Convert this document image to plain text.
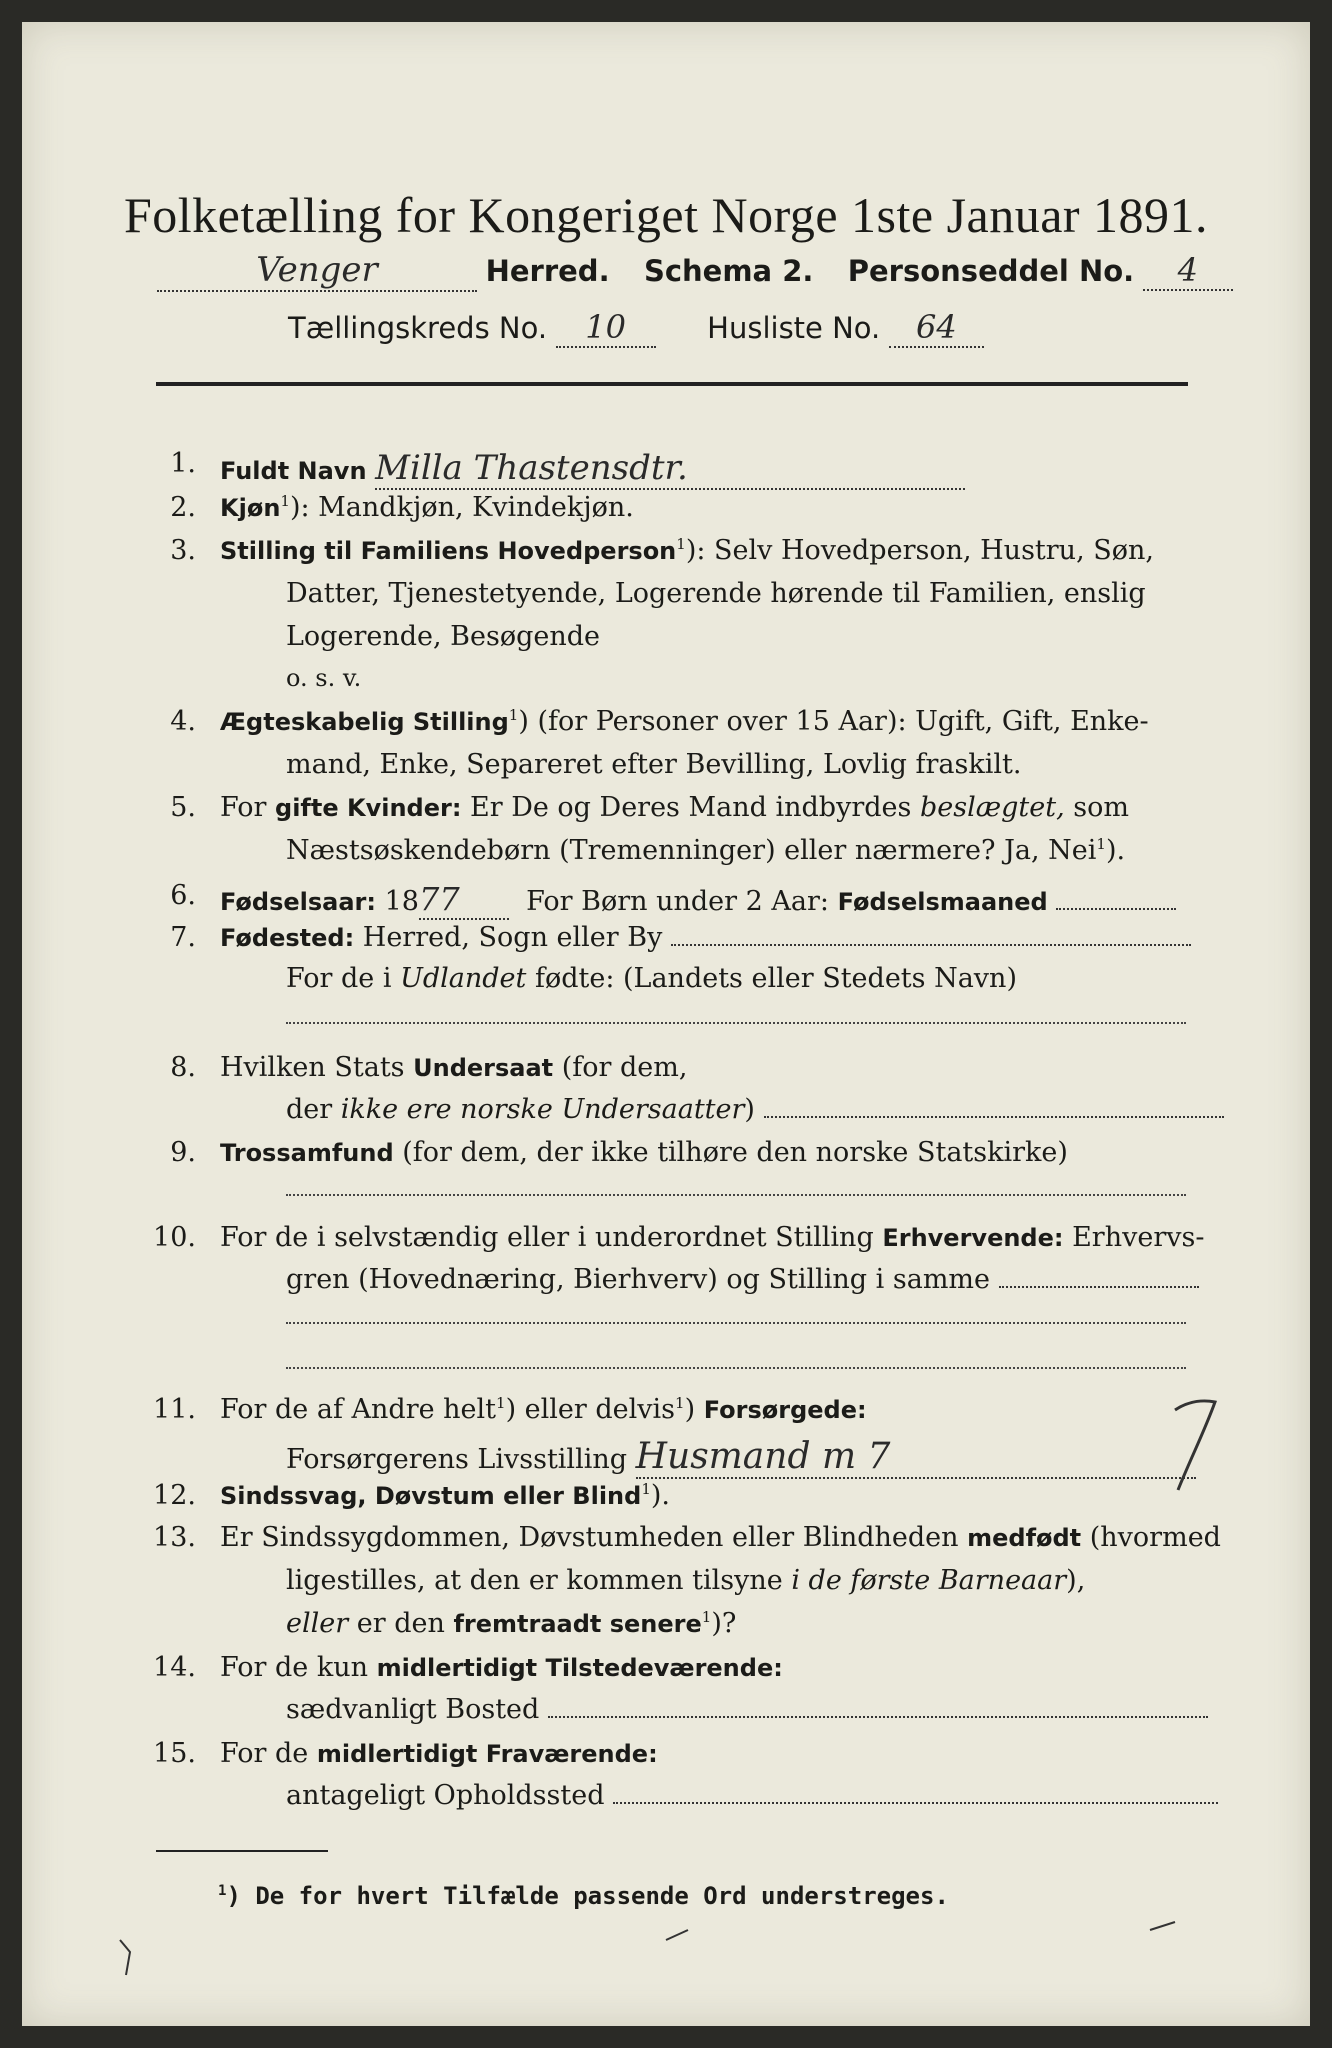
Folketælling for Kongeriget Norge 1ste Januar 1891.
Venger	Herred. Schema 2. Personseddel No. 4
Tællingskreds No. 10	Husliste No. 64
1. Fuldt Navn Milla Thastensdtr.
2. Kjøn$^1$): Mandkjøn, Kvindekjøn.
3. Stilling til Familiens Hovedperson$^1$): Selv Hovedperson, Hustru, Søn,
Datter, Tjenestetyende, Logerende hørende til Familien, enslig
Logerende, Besøgende
o. s. v.
4. Ægteskabelig Stilling$^1$) (for Personer over 15 Aar): Ugift, Gift, Enke-
mand, Enke, Separeret efter Bevilling, Lovlig fraskilt.
5. For gifte Kvinder: Er De og Deres Mand indbyrdes beslægtet, som
Næstsøskendebørn (Tremenninger) eller nærmere? Ja, Nei$^1$).
6. Fødselsaar: 1877 For Børn under 2 Aar: Fødselsmaaned
7. Fødested: Herred, Sogn eller By
For de i Udlandet fødte: (Landets eller Stedets Navn)
8. Hvilken Stats Undersaat (for dem,
der ikke ere norske Undersaatter)
9. Trossamfund (for dem, der ikke tilhøre den norske Statskirke)
10. For de i selvstændig eller i underordnet Stilling Erhvervende: Erhvervs-
gren (Hovednæring, Bierhverv) og Stilling i samme
11. For de af Andre helt$^1$) eller delvis$^1$) Forsørgede:
Forsørgerens Livsstilling Husmand m 7
12. Sindssvag, Døvstum eller Blind$^1$).
13. Er Sindssygdommen, Døvstumheden eller Blindheden medfødt (hvormed
ligestilles, at den er kommen tilsyne i de første Barneaar),
eller er den fremtraadt senere$^1$)?
14. For de kun midlertidigt Tilstedeværende:
sædvanligt Bosted
15. For de midlertidigt Fraværende:
antageligt Opholdssted
$^1$) De for hvert Tilfælde passende Ord understreges.
